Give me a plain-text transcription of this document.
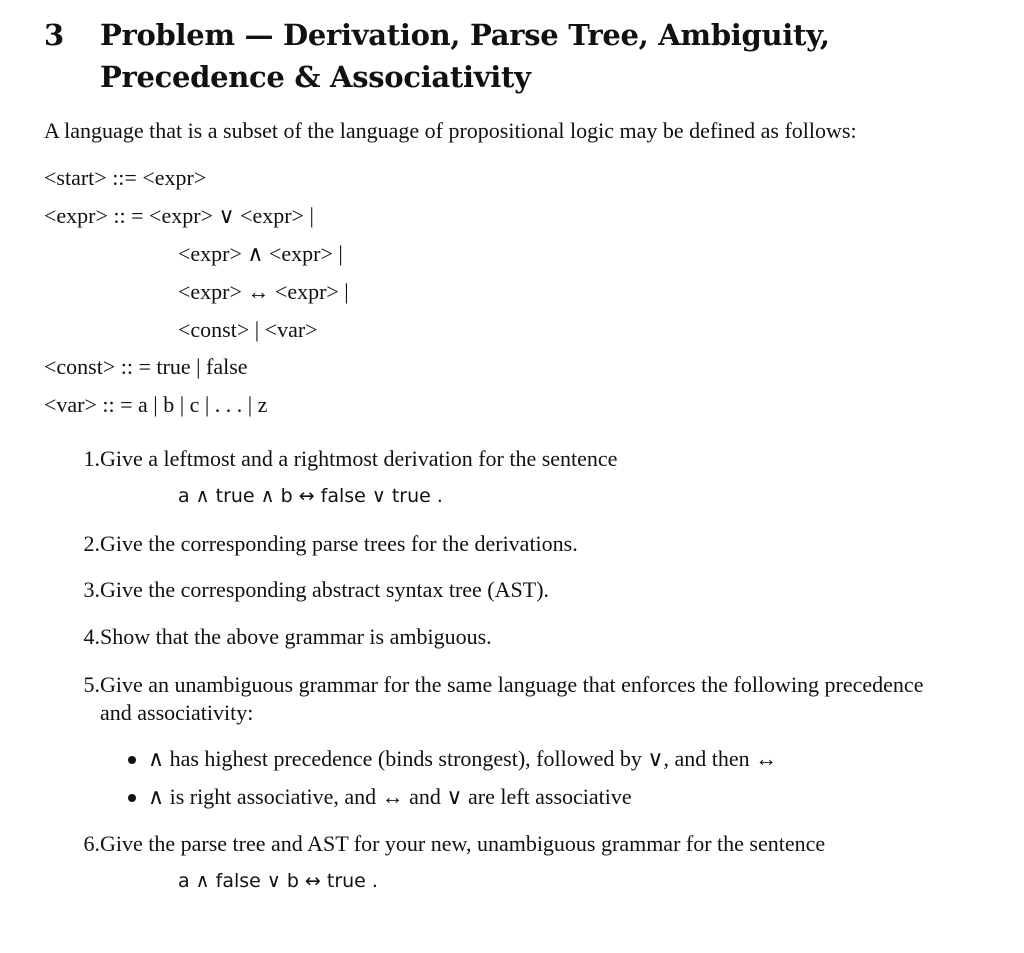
3 Problem — Derivation, Parse Tree, Ambiguity, Precedence & Associativity
A language that is a subset of the language of propositional logic may be defined as follows:
<start> ::= <expr>
<expr> :: = <expr> ∨ <expr> |
<expr> ∧ <expr> |
<expr> ↔ <expr> |
<const> | <var>
<const> :: = true | false
<var> :: = a | b | c | . . . | z
1. Give a leftmost and a rightmost derivation for the sentence
a ∧ true ∧ b ↔ false ∨ true .
2. Give the corresponding parse trees for the derivations.
3. Give the corresponding abstract syntax tree (AST).
4. Show that the above grammar is ambiguous.
5. Give an unambiguous grammar for the same language that enforces the following precedence and associativity:
∧ has highest precedence (binds strongest), followed by ∨, and then ↔
∧ is right associative, and ↔ and ∨ are left associative
6. Give the parse tree and AST for your new, unambiguous grammar for the sentence
a ∧ false ∨ b ↔ true .
